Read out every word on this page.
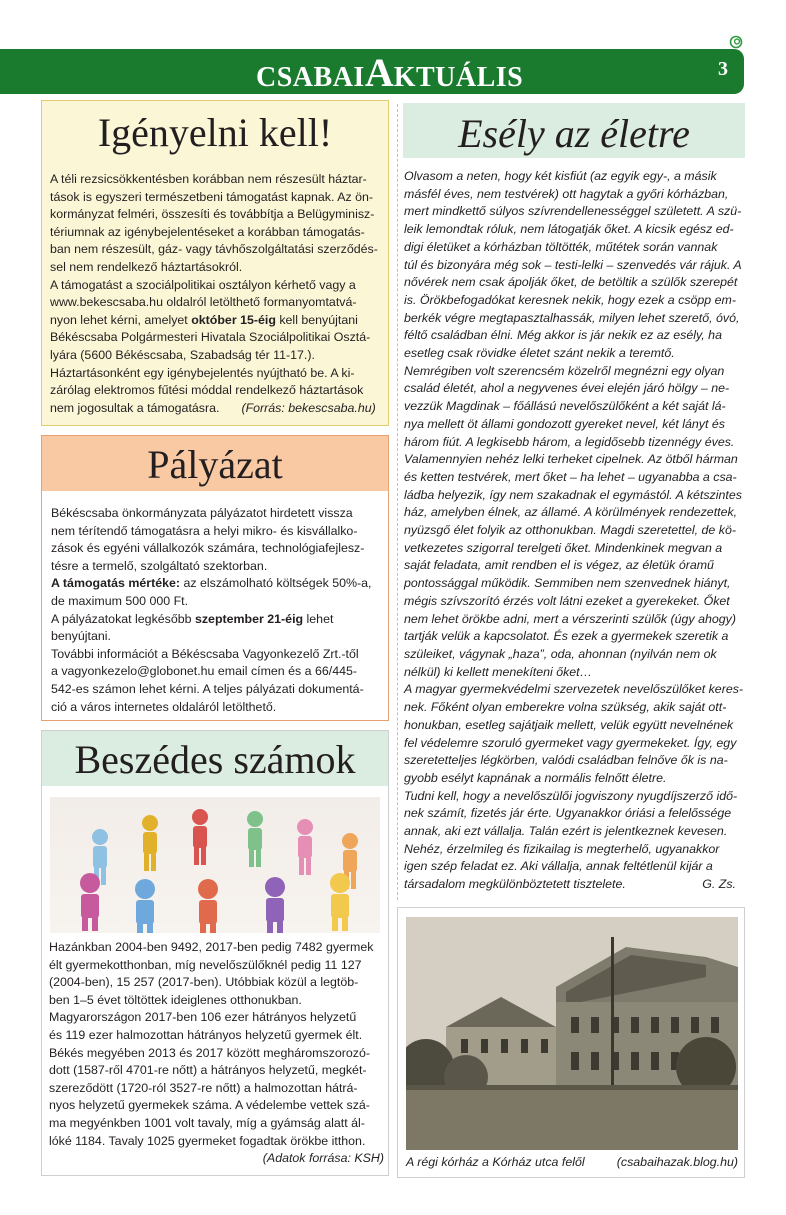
CSABAIAKTUÁLIS	3
Igényelni kell!

A téli rezsicsökkentésben korábban nem részesült háztar-

tások is egyszeri természetbeni támogatást kapnak. Az ön-

kormányzat felméri, összesíti és továbbítja a Belügyminisz-

tériumnak az igénybejelentéseket a korábban támogatás-

ban nem részesült, gáz- vagy távhőszolgáltatási szerződés-

sel nem rendelkező háztartásokról.

A támogatást a szociálpolitikai osztályon kérhető vagy a

www.bekescsaba.hu oldalról letölthető formanyomtatvá-

nyon lehet kérni, amelyet október 15-éig kell benyújtani

Békéscsaba Polgármesteri Hivatala Szociálpolitikai Osztá-

lyára (5600 Békéscsaba, Szabadság tér 11-17.).

Háztartásonként egy igénybejelentés nyújtható be. A ki-

zárólag elektromos fűtési móddal rendelkező háztartások

nem jogosultak a támogatásra. (Forrás: bekescsaba.hu)

Pályázat

Békéscsaba önkormányzata pályázatot hirdetett vissza

nem térítendő támogatásra a helyi mikro- és kisvállalko-

zások és egyéni vállalkozók számára, technológiafejlesz-

tésre a termelő, szolgáltató szektorban.

A támogatás mértéke: az elszámolható költségek 50%-a,

de maximum 500 000 Ft.

A pályázatokat legkésőbb szeptember 21-éig lehet

benyújtani.

További információt a Békéscsaba Vagyonkezelő Zrt.-től

a vagyonkezelo@globonet.hu email címen és a 66/445-

542-es számon lehet kérni. A teljes pályázati dokumentá-

ció a város internetes oldaláról letölthető.

Beszédes számok

Hazánkban 2004-ben 9492, 2017-ben pedig 7482 gyermek

élt gyermekotthonban, míg nevelőszülőknél pedig 11 127

(2004-ben), 15 257 (2017-ben). Utóbbiak közül a legtöb-

ben 1–5 évet töltöttek ideiglenes otthonukban.

Magyarországon 2017-ben 106 ezer hátrányos helyzetű

és 119 ezer halmozottan hátrányos helyzetű gyermek élt.

Békés megyében 2013 és 2017 között megháromszorozó-

dott (1587-ről 4701-re nőtt) a hátrányos helyzetű, megkét-

szereződött (1720-ról 3527-re nőtt) a halmozottan hátrá-

nyos helyzetű gyermekek száma. A védelembe vettek szá-

ma megyénkben 1001 volt tavaly, míg a gyámság alatt ál-

lóké 1184. Tavaly 1025 gyermeket fogadtak örökbe itthon.

(Adatok forrása: KSH)

Esély az életre

Olvasom a neten, hogy két kisfiút (az egyik egy-, a másik

másfél éves, nem testvérek) ott hagytak a győri kórházban,

mert mindkettő súlyos szívrendellenességgel született. A szü-

leik lemondtak róluk, nem látogatják őket. A kicsik egész ed-

digi életüket a kórházban töltötték, műtétek során vannak

túl és bizonyára még sok – testi-lelki – szenvedés vár rájuk. A

nővérek nem csak ápolják őket, de betöltik a szülők szerepét

is. Örökbefogadókat keresnek nekik, hogy ezek a csöpp em-

berkék végre megtapasztalhassák, milyen lehet szerető, óvó,

féltő családban élni. Még akkor is jár nekik ez az esély, ha

esetleg csak rövidke életet szánt nekik a teremtő.

Nemrégiben volt szerencsém közelről megnézni egy olyan

család életét, ahol a negyvenes évei elején járó hölgy – ne-

vezzük Magdinak – főállású nevelőszülőként a két saját lá-

nya mellett öt állami gondozott gyereket nevel, két lányt és

három fiút. A legkisebb három, a legidősebb tizennégy éves.

Valamennyien nehéz lelki terheket cipelnek. Az ötből hárman

és ketten testvérek, mert őket – ha lehet – ugyanabba a csa-

ládba helyezik, így nem szakadnak el egymástól. A kétszintes

ház, amelyben élnek, az államé. A körülmények rendezettek,

nyüzsgő élet folyik az otthonukban. Magdi szeretettel, de kö-

vetkezetes szigorral terelgeti őket. Mindenkinek megvan a

saját feladata, amit rendben el is végez, az életük óramű

pontossággal működik. Semmiben nem szenvednek hiányt,

mégis szívszorító érzés volt látni ezeket a gyerekeket. Őket

nem lehet örökbe adni, mert a vérszerinti szülők (úgy ahogy)

tartják velük a kapcsolatot. És ezek a gyermekek szeretik a

szüleiket, vágynak „haza”, oda, ahonnan (nyilván nem ok

nélkül) ki kellett menekíteni őket…

A magyar gyermekvédelmi szervezetek nevelőszülőket keres-

nek. Főként olyan emberekre volna szükség, akik saját ott-

honukban, esetleg sajátjaik mellett, velük együtt nevelnének

fel védelemre szoruló gyermeket vagy gyermekeket. Így, egy

szeretetteljes légkörben, valódi családban felnőve ők is na-

gyobb esélyt kapnának a normális felnőtt életre.

Tudni kell, hogy a nevelőszülői jogviszony nyugdíjszerző idő-

nek számít, fizetés jár érte. Ugyanakkor óriási a felelőssége

annak, aki ezt vállalja. Talán ezért is jelentkeznek kevesen.

Nehéz, érzelmileg és fizikailag is megterhelő, ugyanakkor

igen szép feladat ez. Aki vállalja, annak feltétlenül kijár a

társadalom megkülönböztetett tisztelete.	G. Zs.

A régi kórház a Kórház utca felől	(csabaihazak.blog.hu)
